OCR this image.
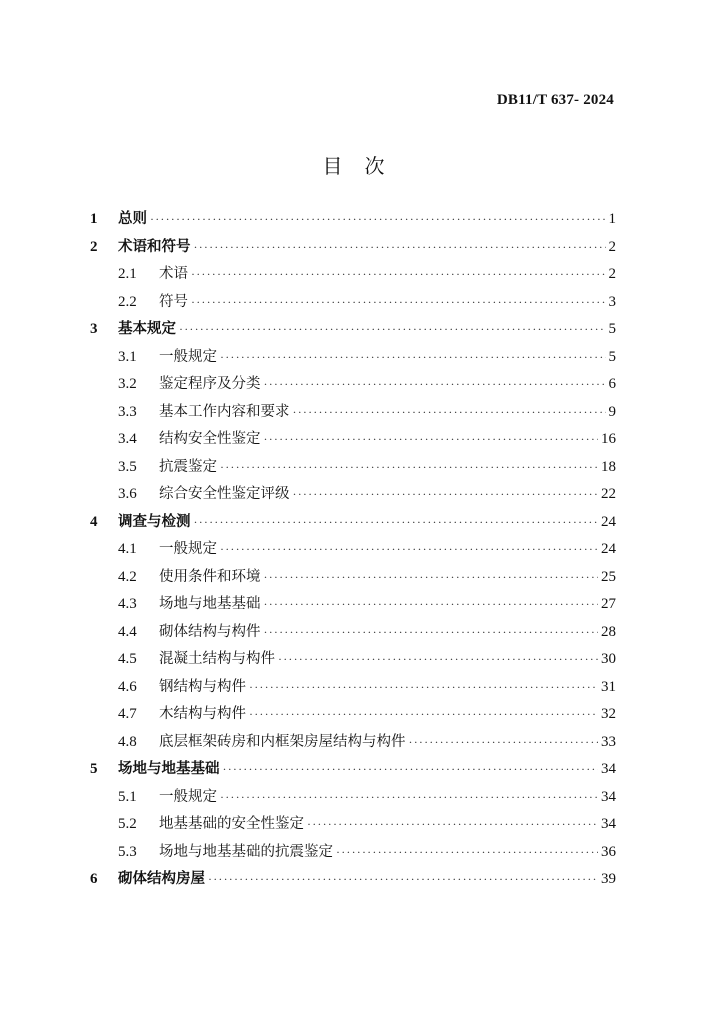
DB11/T 637- 2024
目次
1	总则 ·····	1
2	术语和符号 ·····	2
2.1	术语 ·····	2
2.2	符号 ·····	3
3	基本规定 ·····	5
3.1	一般规定 ·····	5
3.2	鉴定程序及分类 ·····	6
3.3	基本工作内容和要求 ·····	9
3.4	结构安全性鉴定 ·····	16
3.5	抗震鉴定 ·····	18
3.6	综合安全性鉴定评级 ·····	22
4	调查与检测 ·····	24
4.1	一般规定 ·····	24
4.2	使用条件和环境 ·····	25
4.3	场地与地基基础 ·····	27
4.4	砌体结构与构件 ·····	28
4.5	混凝土结构与构件 ·····	30
4.6	钢结构与构件 ·····	31
4.7	木结构与构件 ·····	32
4.8	底层框架砖房和内框架房屋结构与构件 ·····	33
5	场地与地基基础 ·····	34
5.1	一般规定 ·····	34
5.2	地基基础的安全性鉴定 ·····	34
5.3	场地与地基基础的抗震鉴定 ·····	36
6	砌体结构房屋 ·····	39
